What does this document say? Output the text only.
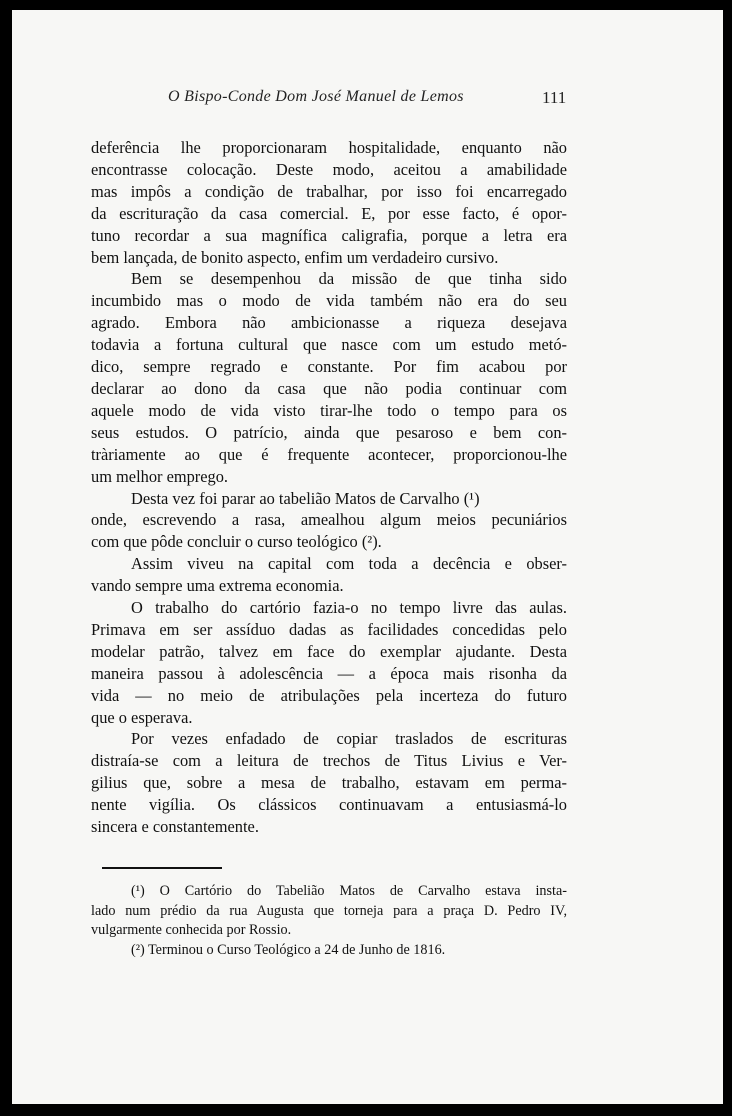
O Bispo-Conde Dom José Manuel de Lemos	111

deferência lhe proporcionaram hospitalidade, enquanto não

encontrasse colocação. Deste modo, aceitou a amabilidade

mas impôs a condição de trabalhar, por isso foi encarregado

da escrituração da casa comercial. E, por esse facto, é opor-

tuno recordar a sua magnífica caligrafia, porque a letra era

bem lançada, de bonito aspecto, enfim um verdadeiro cursivo.

Bem se desempenhou da missão de que tinha sido

incumbido mas o modo de vida também não era do seu

agrado. Embora não ambicionasse a riqueza desejava

todavia a fortuna cultural que nasce com um estudo metó-

dico, sempre regrado e constante. Por fim acabou por

declarar ao dono da casa que não podia continuar com

aquele modo de vida visto tirar-lhe todo o tempo para os

seus estudos. O patrício, ainda que pesaroso e bem con-

tràriamente ao que é frequente acontecer, proporcionou-lhe

um melhor emprego.

Desta vez foi parar ao tabelião Matos de Carvalho (¹)

onde, escrevendo a rasa, amealhou algum meios pecuniários

com que pôde concluir o curso teológico (²).

Assim viveu na capital com toda a decência e obser-

vando sempre uma extrema economia.

O trabalho do cartório fazia-o no tempo livre das aulas.

Primava em ser assíduo dadas as facilidades concedidas pelo

modelar patrão, talvez em face do exemplar ajudante. Desta

maneira passou à adolescência — a época mais risonha da

vida — no meio de atribulações pela incerteza do futuro

que o esperava.

Por vezes enfadado de copiar traslados de escrituras

distraía-se com a leitura de trechos de Titus Livius e Ver-

gilius que, sobre a mesa de trabalho, estavam em perma-

nente vigília. Os clássicos continuavam a entusiasmá-lo

sincera e constantemente.

(¹) O Cartório do Tabelião Matos de Carvalho estava insta-

lado num prédio da rua Augusta que torneja para a praça D. Pedro IV,

vulgarmente conhecida por Rossio.

(²) Terminou o Curso Teológico a 24 de Junho de 1816.
